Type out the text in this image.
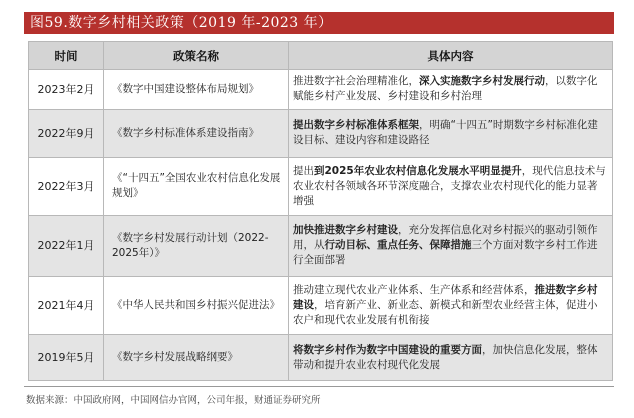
图59.数字乡村相关政策（2019 年-2023 年）
时间	政策名称	具体内容
2023年2月	《数字中国建设整体布局规划》	推进数字社会治理精准化，深入实施数字乡村发展行动，以数字化赋能乡村产业发展、乡村建设和乡村治理
2022年9月	《数字乡村标准体系建设指南》	提出数字乡村标准体系框架，明确“十四五”时期数字乡村标准化建设目标、建设内容和建设路径
2022年3月	《“十四五”全国农业农村信息化发展规划》	提出到2025年农业农村信息化发展水平明显提升，现代信息技术与农业农村各领域各环节深度融合，支撑农业农村现代化的能力显著增强
2022年1月	《数字乡村发展行动计划（2022-2025年）》	加快推进数字乡村建设，充分发挥信息化对乡村振兴的驱动引领作用，从行动目标、重点任务、保障措施三个方面对数字乡村工作进行全面部署
2021年4月	《中华人民共和国乡村振兴促进法》	推动建立现代农业产业体系、生产体系和经营体系，推进数字乡村建设，培育新产业、新业态、新模式和新型农业经营主体，促进小农户和现代农业发展有机衔接
2019年5月	《数字乡村发展战略纲要》	将数字乡村作为数字中国建设的重要方面，加快信息化发展，整体带动和提升农业农村现代化发展
数据来源：中国政府网，中国网信办官网，公司年报，财通证券研究所
